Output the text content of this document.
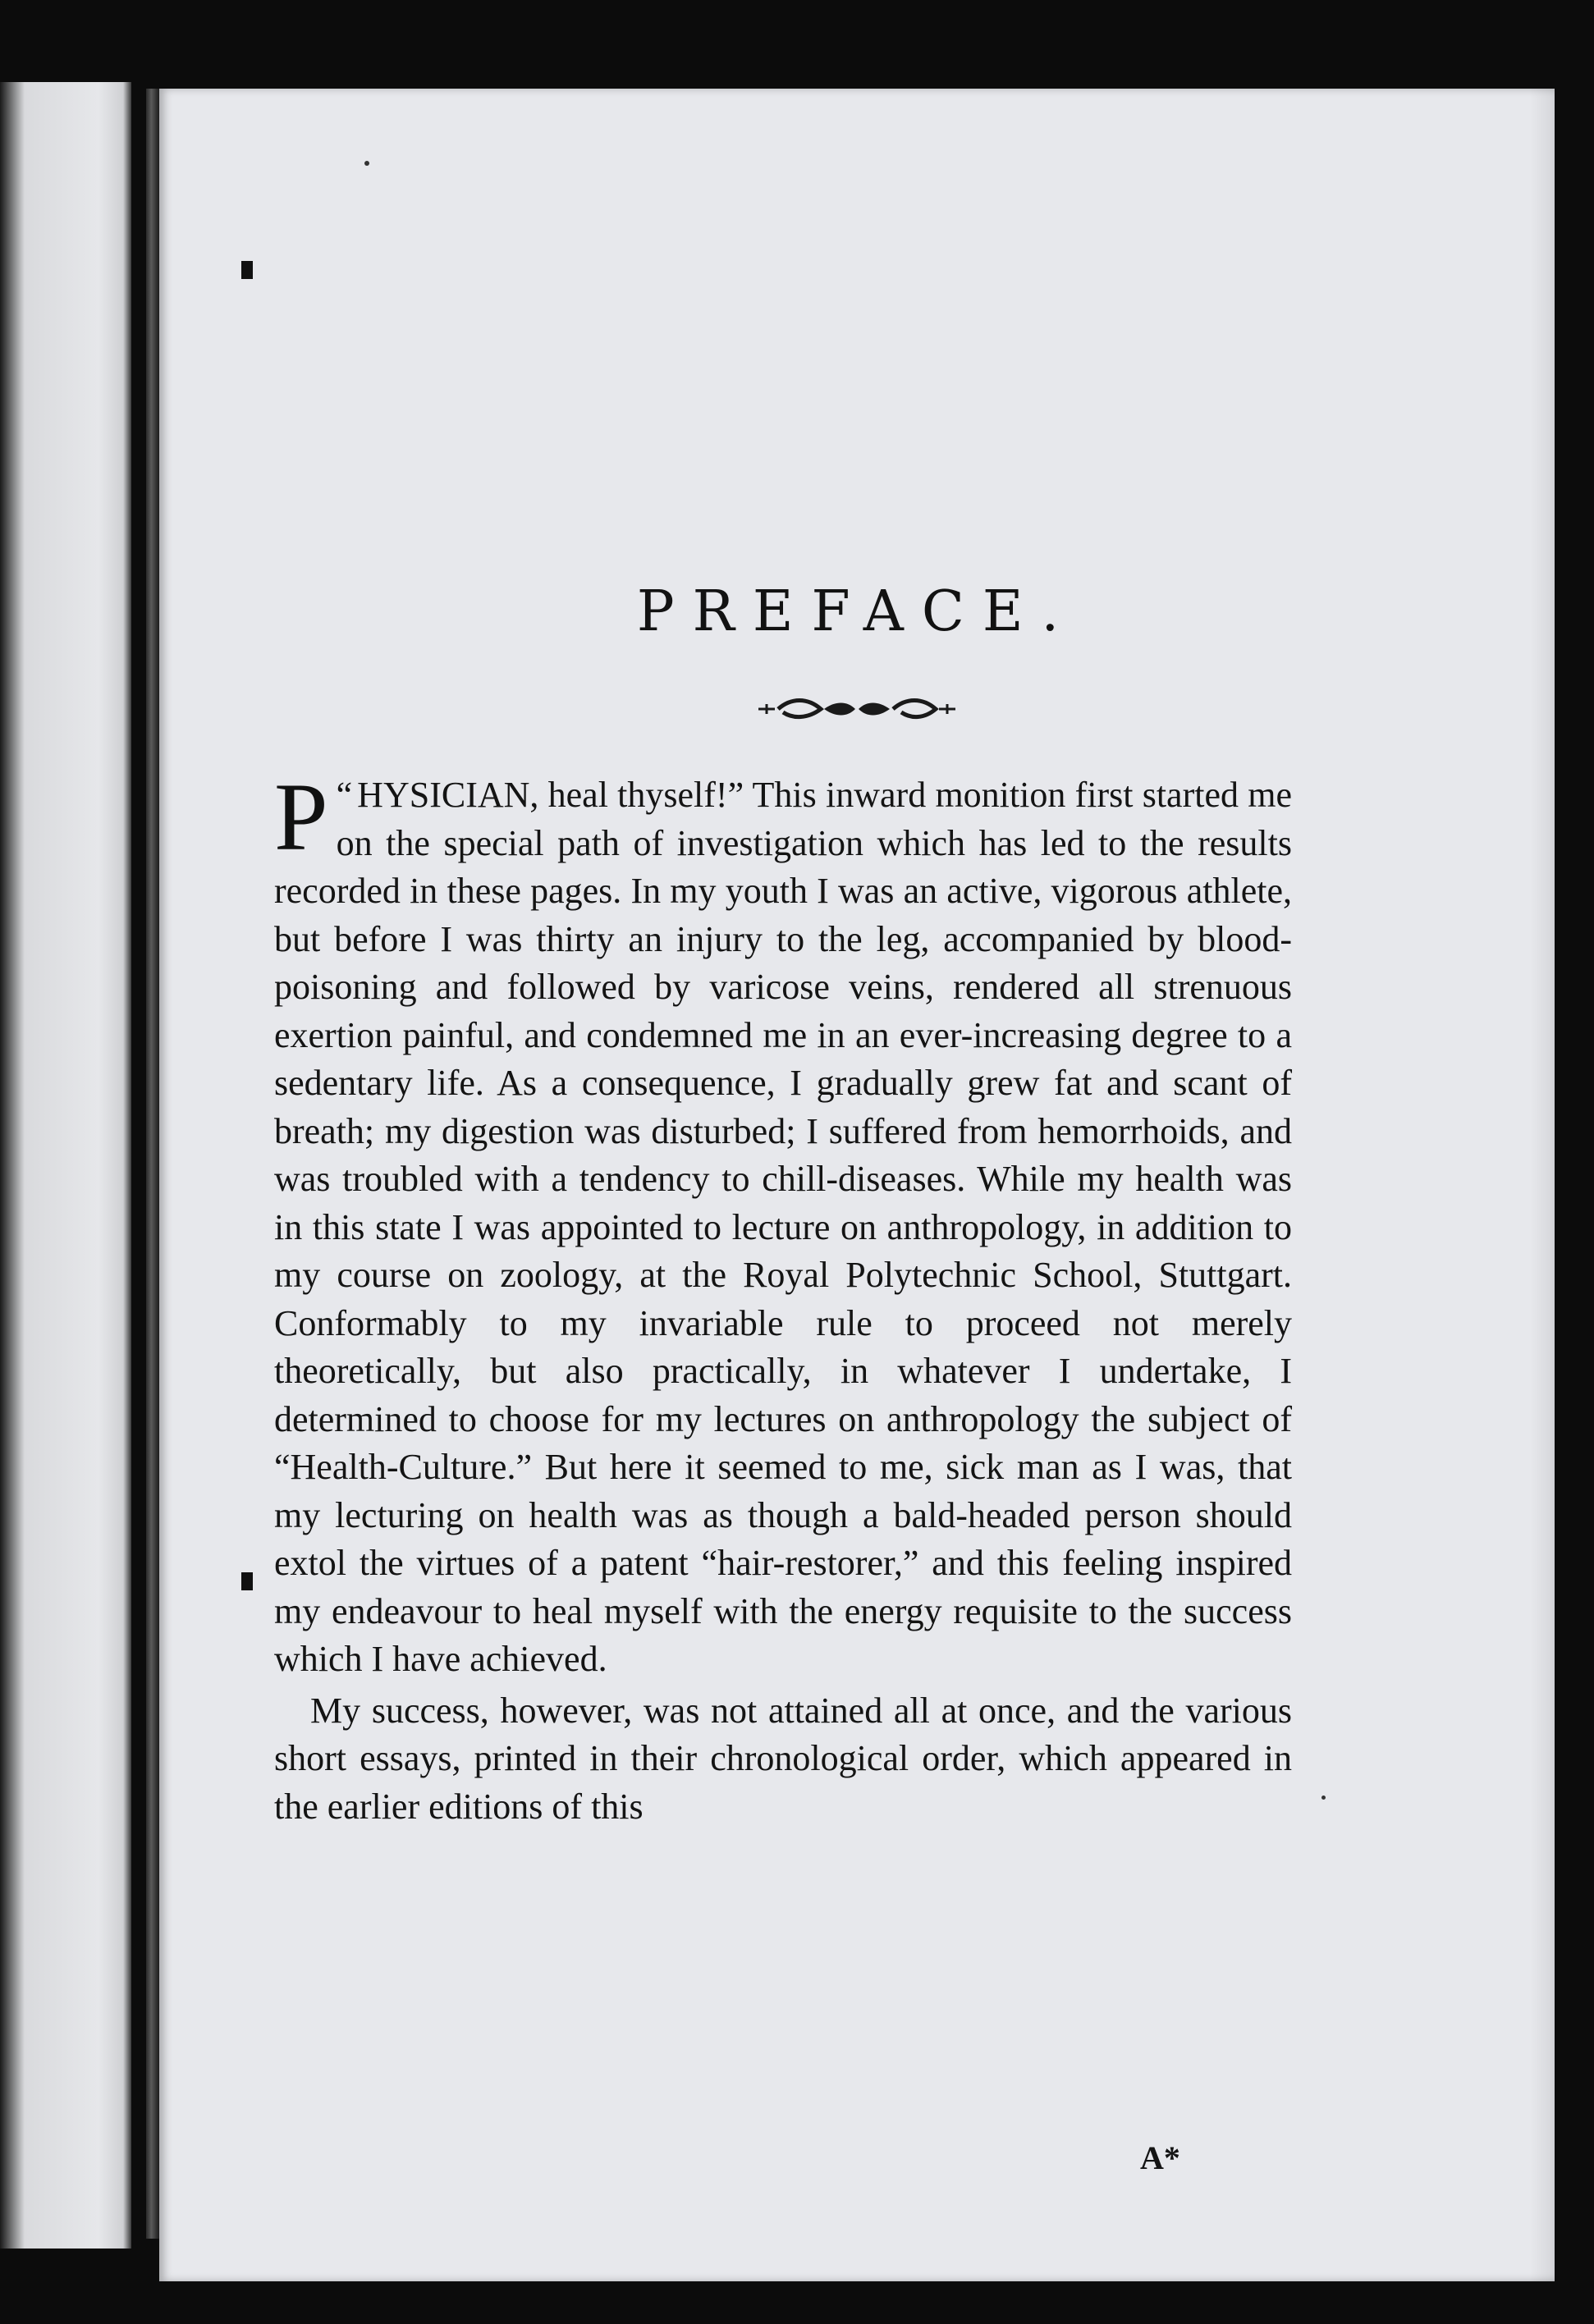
PREFACE.

“
P HYSICIAN, heal thyself!” This inward monition first started me on the special path of investigation which has led to the results recorded in these pages. In my youth I was an active, vigorous athlete, but before I was thirty an injury to the leg, accompanied by blood-poisoning and followed by varicose veins, rendered all strenuous exertion painful, and condemned me in an ever-increasing degree to a sedentary life. As a consequence, I gradually grew fat and scant of breath; my digestion was disturbed; I suffered from hemorrhoids, and was troubled with a tendency to chill-diseases. While my health was in this state I was appointed to lecture on anthropology, in addition to my course on zoology, at the Royal Polytechnic School, Stuttgart. Conformably to my invariable rule to proceed not merely theoretically, but also practically, in whatever I undertake, I determined to choose for my lectures on anthropology the subject of “Health-Culture.” But here it seemed to me, sick man as I was, that my lecturing on health was as though a bald-headed person should extol the virtues of a patent “hair-restorer,” and this feeling inspired my endeavour to heal myself with the energy requisite to the success which I have achieved.

My success, however, was not attained all at once, and the various short essays, printed in their chronological order, which appeared in the earlier editions of this

A*
